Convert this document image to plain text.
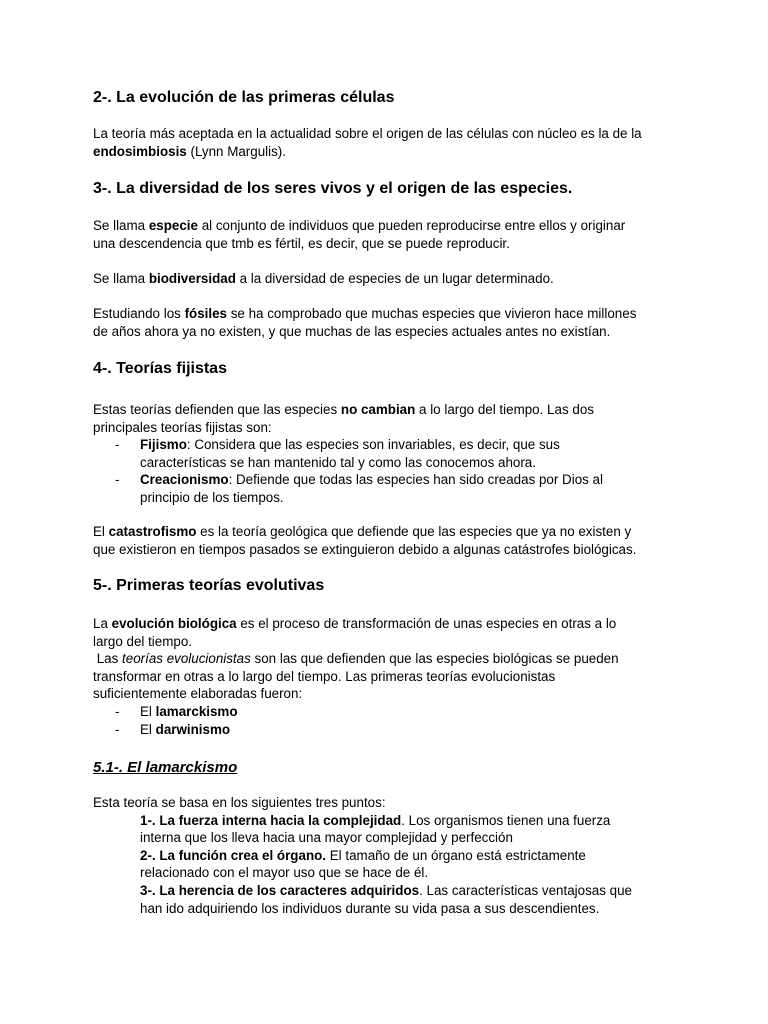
2-. La evolución de las primeras células
La teoría más aceptada en la actualidad sobre el origen de las células con núcleo es la de la
endosimbiosis (Lynn Margulis).
3-. La diversidad de los seres vivos y el origen de las especies.
Se llama especie al conjunto de individuos que pueden reproducirse entre ellos y originar
una descendencia que tmb es fértil, es decir, que se puede reproducir.
Se llama biodiversidad a la diversidad de especies de un lugar determinado.
Estudiando los fósiles se ha comprobado que muchas especies que vivieron hace millones
de años ahora ya no existen, y que muchas de las especies actuales antes no existían.
4-. Teorías fijistas
Estas teorías defienden que las especies no cambian a lo largo del tiempo. Las dos
principales teorías fijistas son:
- Fijismo: Considera que las especies son invariables, es decir, que sus
características se han mantenido tal y como las conocemos ahora.
- Creacionismo: Defiende que todas las especies han sido creadas por Dios al
principio de los tiempos.
El catastrofismo es la teoría geológica que defiende que las especies que ya no existen y
que existieron en tiempos pasados se extinguieron debido a algunas catástrofes biológicas.
5-. Primeras teorías evolutivas
La evolución biológica es el proceso de transformación de unas especies en otras a lo
largo del tiempo.
Las teorías evolucionistas son las que defienden que las especies biológicas se pueden
transformar en otras a lo largo del tiempo. Las primeras teorías evolucionistas
suficientemente elaboradas fueron:
- El lamarckismo
- El darwinismo
5.1-. El lamarckismo
Esta teoría se basa en los siguientes tres puntos:
1-. La fuerza interna hacia la complejidad. Los organismos tienen una fuerza
interna que los lleva hacia una mayor complejidad y perfección
2-. La función crea el órgano. El tamaño de un órgano está estrictamente
relacionado con el mayor uso que se hace de él.
3-. La herencia de los caracteres adquiridos. Las características ventajosas que
han ido adquiriendo los individuos durante su vida pasa a sus descendientes.
